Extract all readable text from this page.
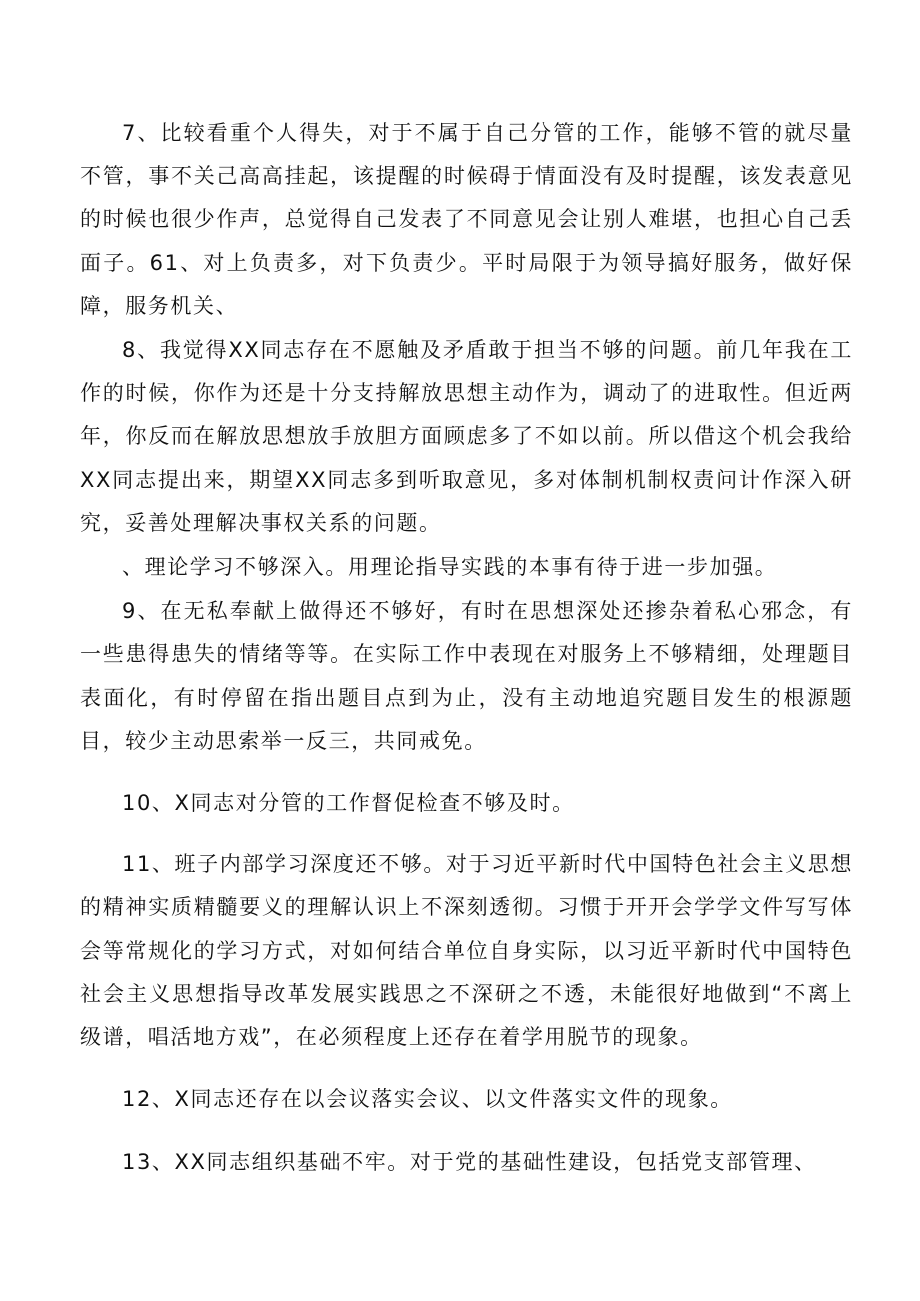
7、比较看重个人得失，对于不属于自己分管的工作，能够不管的就尽量不管，事不关己高高挂起，该提醒的时候碍于情面没有及时提醒，该发表意见的时候也很少作声，总觉得自己发表了不同意见会让别人难堪，也担心自己丢面子。61、对上负责多，对下负责少。平时局限于为领导搞好服务，做好保障，服务机关、

8、我觉得XX同志存在不愿触及矛盾敢于担当不够的问题。前几年我在工作的时候，你作为还是十分支持解放思想主动作为，调动了的进取性。但近两年，你反而在解放思想放手放胆方面顾虑多了不如以前。所以借这个机会我给XX同志提出来，期望XX同志多到听取意见，多对体制机制权责问计作深入研究，妥善处理解决事权关系的问题。

、理论学习不够深入。用理论指导实践的本事有待于进一步加强。

9、在无私奉献上做得还不够好，有时在思想深处还掺杂着私心邪念，有一些患得患失的情绪等等。在实际工作中表现在对服务上不够精细，处理题目表面化，有时停留在指出题目点到为止，没有主动地追究题目发生的根源题目，较少主动思索举一反三，共同戒免。

10、X同志对分管的工作督促检查不够及时。

11、班子内部学习深度还不够。对于习近平新时代中国特色社会主义思想的精神实质精髓要义的理解认识上不深刻透彻。习惯于开开会学学文件写写体会等常规化的学习方式，对如何结合单位自身实际，以习近平新时代中国特色社会主义思想指导改革发展实践思之不深研之不透，未能很好地做到“不离上级谱，唱活地方戏”，在必须程度上还存在着学用脱节的现象。

12、X同志还存在以会议落实会议、以文件落实文件的现象。

13、XX同志组织基础不牢。对于党的基础性建设，包括党支部管理、
